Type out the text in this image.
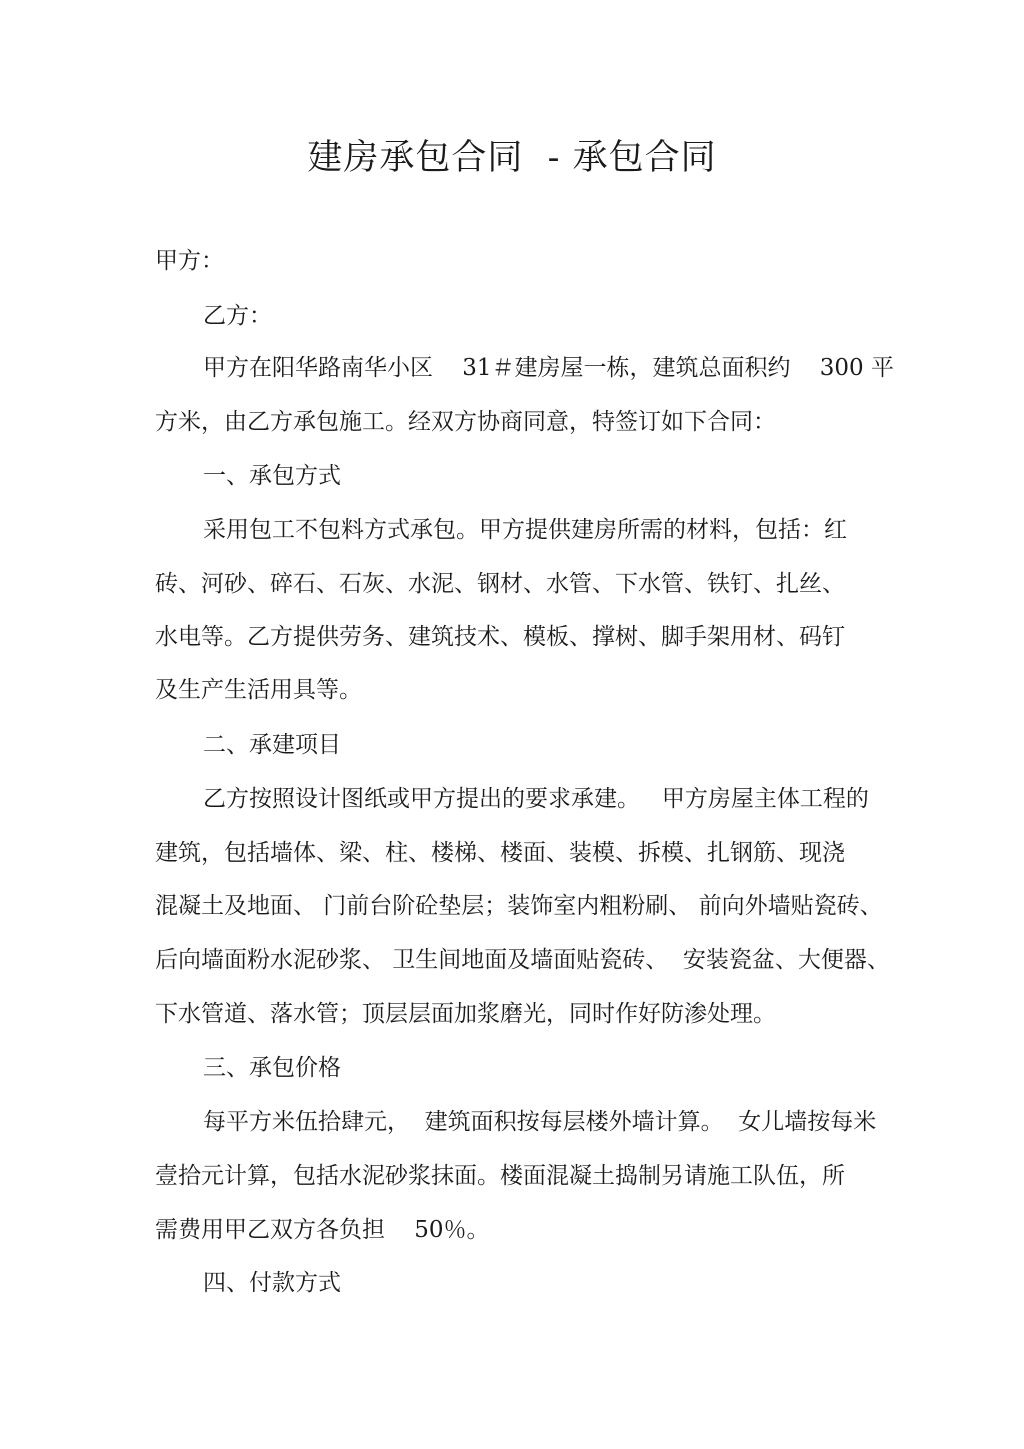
建房承包合同  - 承包合同
甲方：
乙方：
甲方在阳华路南华小区    31＃建房屋一栋，建筑总面积约    300 平
方米，由乙方承包施工。经双方协商同意，特签订如下合同：
一、承包方式
采用包工不包料方式承包。甲方提供建房所需的材料，包括：红
砖、河砂、碎石、石灰、水泥、钢材、水管、下水管、铁钉、扎丝、
水电等。乙方提供劳务、建筑技术、模板、撑树、脚手架用材、码钉
及生产生活用具等。
二、承建项目
乙方按照设计图纸或甲方提出的要求承建。   甲方房屋主体工程的
建筑，包括墙体、梁、柱、楼梯、楼面、装模、拆模、扎钢筋、现浇
混凝土及地面、 门前台阶砼垫层；装饰室内粗粉刷、 前向外墙贴瓷砖、
后向墙面粉水泥砂浆、 卫生间地面及墙面贴瓷砖、  安装瓷盆、大便器、
下水管道、落水管；顶层层面加浆磨光，同时作好防渗处理。
三、承包价格
每平方米伍拾肆元，  建筑面积按每层楼外墙计算。  女儿墙按每米
壹拾元计算，包括水泥砂浆抹面。楼面混凝土捣制另请施工队伍，所
需费用甲乙双方各负担    50％。
四、付款方式
